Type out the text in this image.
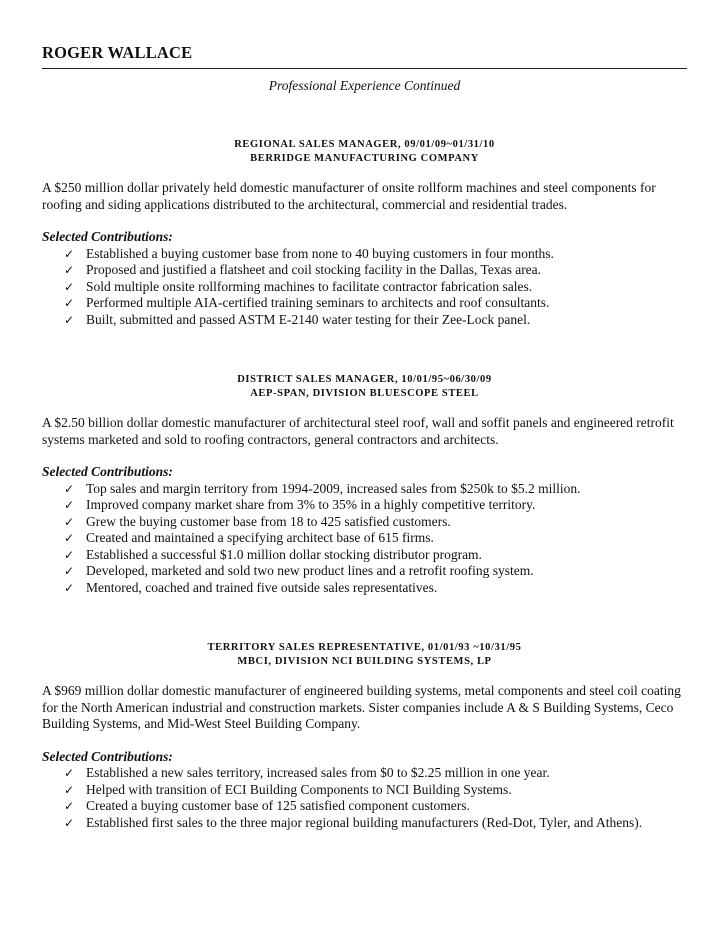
ROGER WALLACE
Professional Experience Continued
REGIONAL SALES MANAGER, 09/01/09~01/31/10
BERRIDGE MANUFACTURING COMPANY
A $250 million dollar privately held domestic manufacturer of onsite rollform machines and steel components for roofing and siding applications distributed to the architectural, commercial and residential trades.
Selected Contributions:
✓ Established a buying customer base from none to 40 buying customers in four months.
✓ Proposed and justified a flatsheet and coil stocking facility in the Dallas, Texas area.
✓ Sold multiple onsite rollforming machines to facilitate contractor fabrication sales.
✓ Performed multiple AIA-certified training seminars to architects and roof consultants.
✓ Built, submitted and passed ASTM E-2140 water testing for their Zee-Lock panel.
DISTRICT SALES MANAGER, 10/01/95~06/30/09
AEP-SPAN, DIVISION BLUESCOPE STEEL
A $2.50 billion dollar domestic manufacturer of architectural steel roof, wall and soffit panels and engineered retrofit systems marketed and sold to roofing contractors, general contractors and architects.
Selected Contributions:
✓ Top sales and margin territory from 1994-2009, increased sales from $250k to $5.2 million.
✓ Improved company market share from 3% to 35% in a highly competitive territory.
✓ Grew the buying customer base from 18 to 425 satisfied customers.
✓ Created and maintained a specifying architect base of 615 firms.
✓ Established a successful $1.0 million dollar stocking distributor program.
✓ Developed, marketed and sold two new product lines and a retrofit roofing system.
✓ Mentored, coached and trained five outside sales representatives.
TERRITORY SALES REPRESENTATIVE, 01/01/93 ~10/31/95
MBCI, DIVISION NCI BUILDING SYSTEMS, LP
A $969 million dollar domestic manufacturer of engineered building systems, metal components and steel coil coating for the North American industrial and construction markets. Sister companies include A & S Building Systems, Ceco Building Systems, and Mid-West Steel Building Company.
Selected Contributions:
✓ Established a new sales territory, increased sales from $0 to $2.25 million in one year.
✓ Helped with transition of ECI Building Components to NCI Building Systems.
✓ Created a buying customer base of 125 satisfied component customers.
✓ Established first sales to the three major regional building manufacturers (Red-Dot, Tyler, and Athens).
